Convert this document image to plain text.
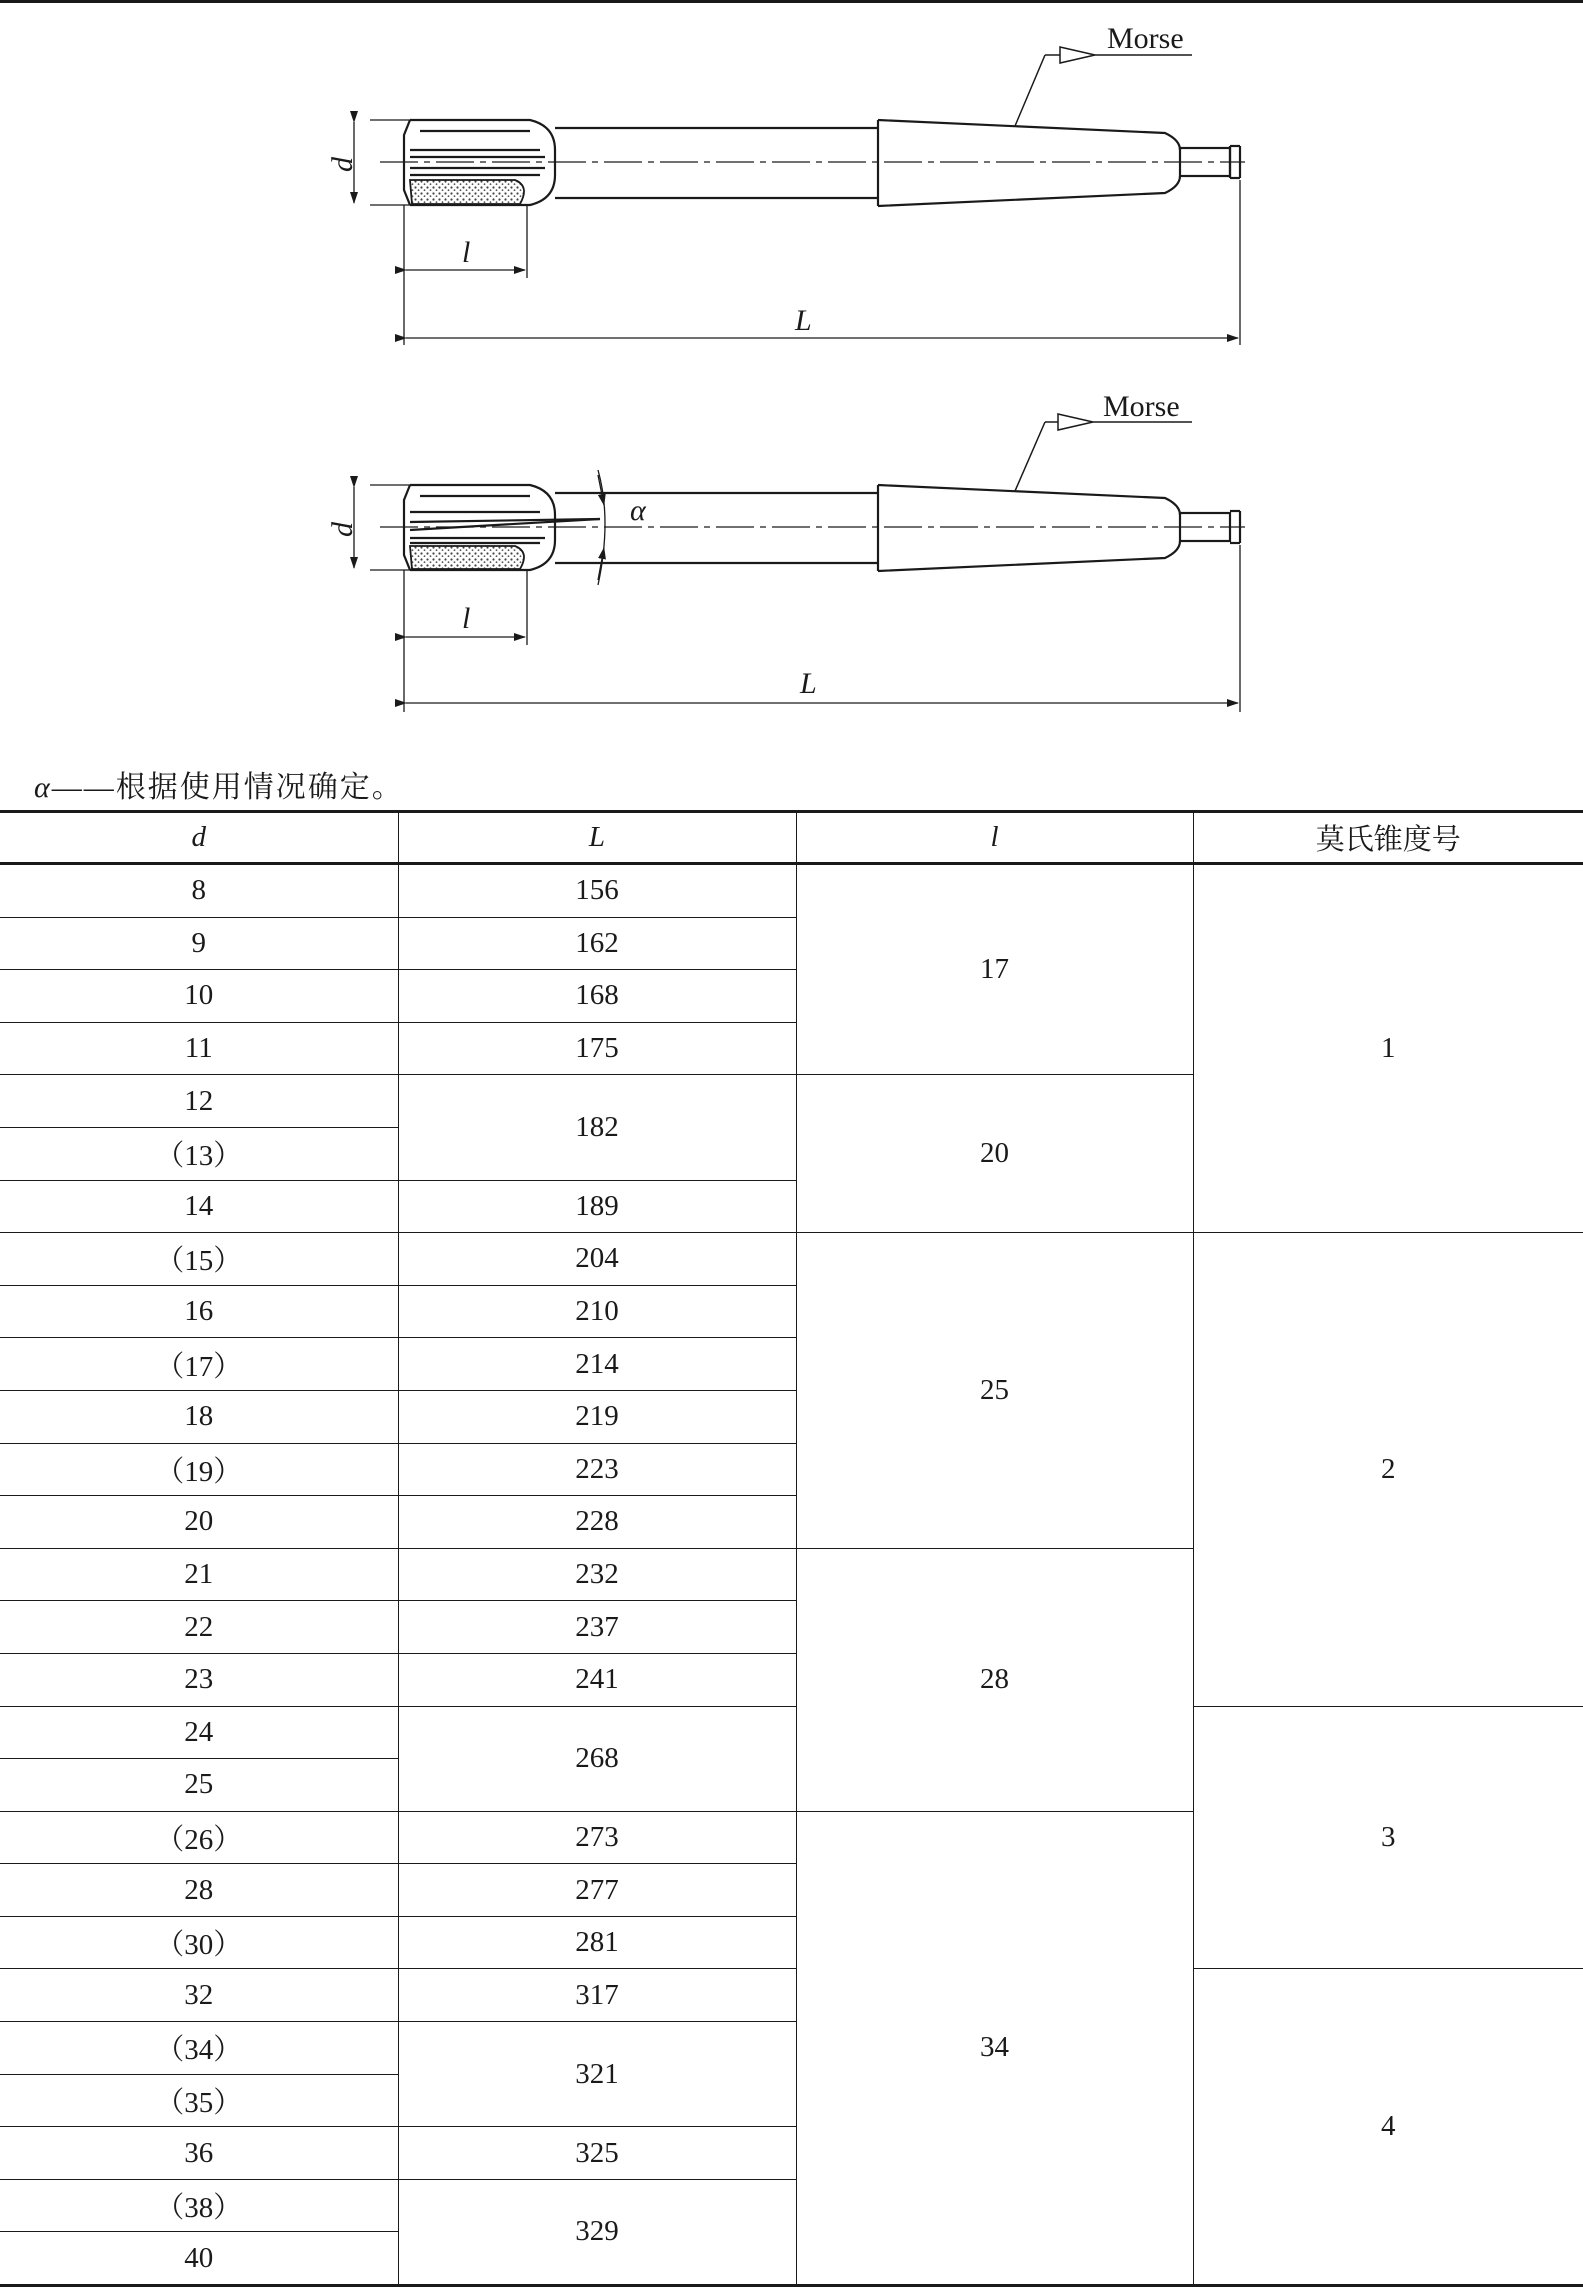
Morse
d
l
L
Morse
d
α
l
L
α——根据使用情况确定。
d	L	l	莫氏锥度号
8	156	17	1
9	162		
10	168		
11	175		
12	182	20	
（13）			
14	189		
（15）	204	25	2
16	210		
（17）	214		
18	219		
（19）	223		
20	228		
21	232	28	
22	237		
23	241		
24	268		3
25			
（26）	273	34	
28	277		
（30）	281		
32	317		4
（34）	321		
（35）			
36	325		
（38）	329		
40			
